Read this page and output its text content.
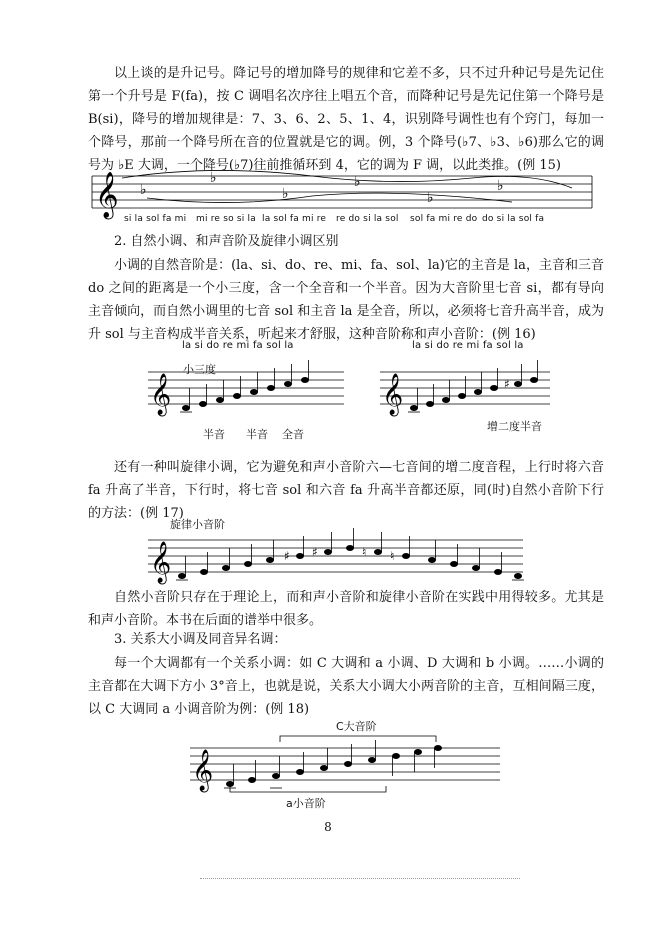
以上谈的是升记号。降记号的增加降号的规律和它差不多，只不过升种记号是先记住第一个升号是 F(fa)，按 C 调唱名次序往上唱五个音，而降种记号是先记住第一个降号是 B(si)，降号的增加规律是：7、3、6、2、5、1、4，识别降号调性也有个窍门，每加一个降号，那前一个降号所在音的位置就是它的调。例，3 个降号(♭7、♭3、♭6)那么它的调号为 ♭E 大调，一个降号(♭7)往前推循环到 4，它的调为 F 调，以此类推。(例 15)
𝄞 ♭
♭
♭
♭
♭
♭
si la sol fa mi mi re so si la la sol fa mi re re do si la sol sol fa mi re do do si la sol fa
2. 自然小调、和声音阶及旋律小调区别
小调的自然音阶是：(la、si、do、re、mi、fa、sol、la)它的主音是 la，主音和三音 do 之间的距离是一个小三度，含一个全音和一个半音。因为大音阶里七音 si，都有导向主音倾向，而自然小调里的七音 sol 和主音 la 是全音，所以，必须将七音升高半音，成为升 sol 与主音构成半音关系，听起来才舒服，这种音阶称和声小音阶：(例 16)
la si do re mi fa sol la	la si do re mi fa sol la
小三度
𝄞	𝄞	♯
半音 半音 全音
增二度半音
还有一种叫旋律小调，它为避免和声小音阶六—七音间的增二度音程，上行时将六音 fa 升高了半音，下行时，将七音 sol 和六音 fa 升高半音都还原，同(时)自然小音阶下行的方法：(例 17)
旋律小音阶
𝄞	♯ ♯	♮ ♮
自然小音阶只存在于理论上，而和声小音阶和旋律小音阶在实践中用得较多。尤其是和声小音阶。本书在后面的谱举中很多。
3. 关系大小调及同音异名调：
每一个大调都有一个关系小调：如 C 大调和 a 小调、D 大调和 b 小调。……小调的主音都在大调下方小 3°音上，也就是说，关系大小调大小两音阶的主音，互相间隔三度，以 C 大调同 a 小调音阶为例：(例 18)
C大音阶
𝄞
a小音阶
8
